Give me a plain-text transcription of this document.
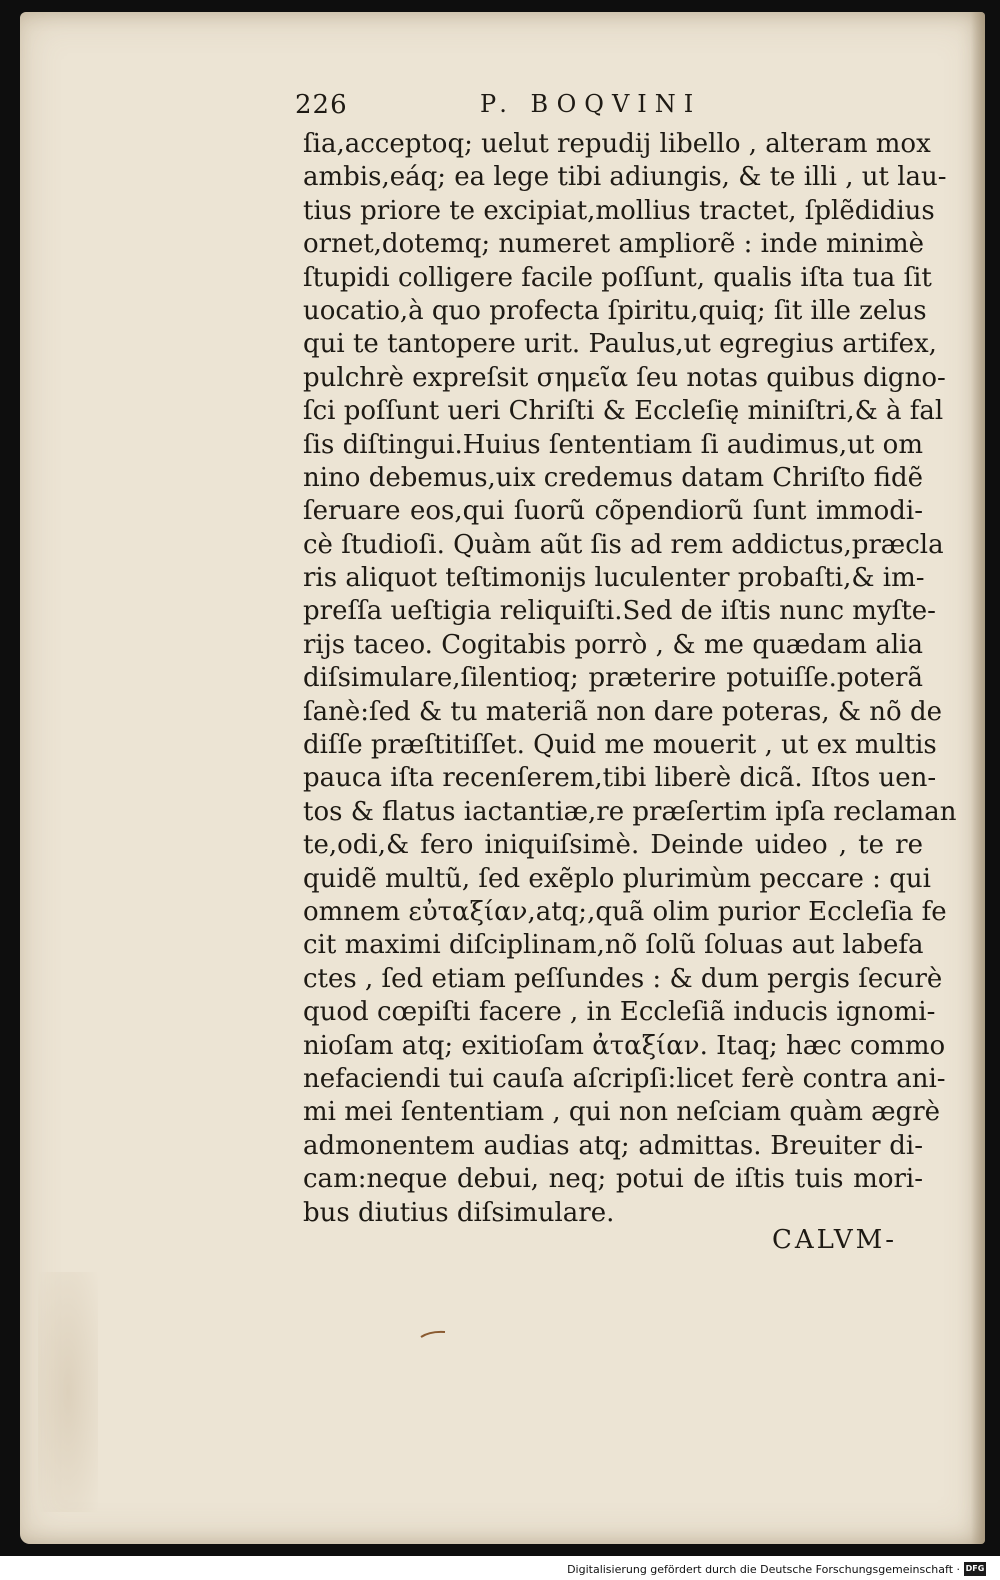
226	P. BOQVINI
ſia,acceptoq; uelut repudij libello , alteram mox
ambis,eáq; ea lege tibi adiungis, & te illi , ut lau-
tius priore te excipiat,mollius tractet, ſplẽdidius
ornet,dotemq; numeret ampliorẽ : inde minimè
ſtupidi colligere facile poſſunt, qualis iſta tua ſit
uocatio,à quo profecta ſpiritu,quiq; ſit ille zelus
qui te tantopere urit. Paulus,ut egregius artifex,
pulchrè expreſsit σημεῖα ſeu notas quibus digno-
ſci poſſunt ueri Chriſti & Eccleſię miniſtri,& à fal
ſis diſtingui.Huius ſententiam ſi audimus,ut om
nino debemus,uix credemus datam Chriſto fidẽ
ſeruare eos,qui ſuorũ cõpendiorũ ſunt immodi-
cè ſtudioſi. Quàm aũt ſis ad rem addictus,præcla
ris aliquot teſtimonijs luculenter probaſti,& im-
preſſa ueſtigia reliquiſti.Sed de iſtis nunc myſte-
rijs taceo. Cogitabis porrò , & me quædam alia
diſsimulare,ſilentioq; præterire potuiſſe.poterã
ſanè:ſed & tu materiã non dare poteras, & nõ de
diſſe præſtitiſſet. Quid me mouerit , ut ex multis
pauca iſta recenſerem,tibi liberè dicã. Iſtos uen-
tos & flatus iactantiæ,re præſertim ipſa reclaman
te,odi,& fero iniquiſsimè. Deinde uideo , te re
quidẽ multũ, ſed exẽplo plurimùm peccare : qui
omnem εὐταξίαν,atq;,quã olim purior Eccleſia fe
cit maximi diſciplinam,nõ ſolũ ſoluas aut labefa
ctes , ſed etiam peſſundes : & dum pergis ſecurè
quod cœpiſti facere , in Eccleſiã inducis ignomi-
nioſam atq; exitioſam ἀταξίαν. Itaq; hæc commo
nefaciendi tui cauſa aſcripſi:licet ferè contra ani-
mi mei ſententiam , qui non neſciam quàm ægrè
admonentem audias atq; admittas. Breuiter di-
cam:neque debui, neq; potui de iſtis tuis mori-
bus diutius diſsimulare.
CALVM-
Digitalisierung gefördert durch die Deutsche Forschungsgemeinschaft · DFG
